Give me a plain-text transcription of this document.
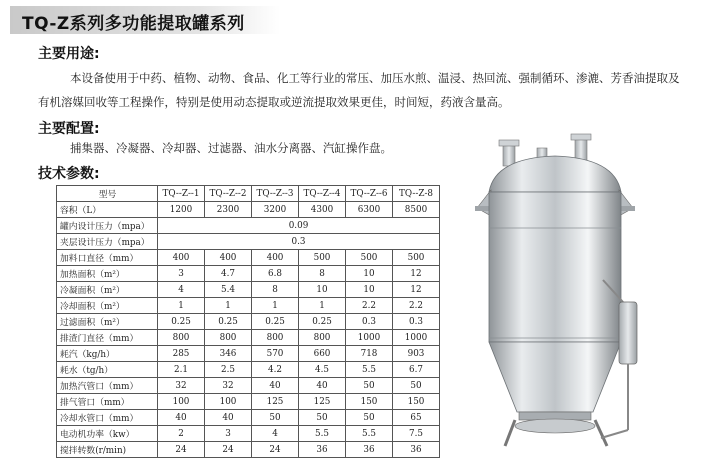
TQ-Z系列多功能提取罐系列
主要用途:
本设备使用于中药、植物、动物、食品、化工等行业的常压、加压水煎、温浸、热回流、强制循环、渗漉、芳香油提取及有机溶媒回收等工程操作，特别是使用动态提取或逆流提取效果更佳，时间短，药液含量高。
主要配置:
捕集器、冷凝器、冷却器、过滤器、油水分离器、汽缸操作盘。
技术参数:
型号	TQ--Z--1	TQ--Z--2	TQ--Z--3	TQ--Z--4	TQ--Z--6	TQ--Z-8
容积（L）	1200	2300	3200	4300	6300	8500
罐内设计压力（mpa）	0.09					
夹层设计压力（mpa）	0.3					
加料口直径（mm）	400	400	400	500	500	500
加热面积（m²）	3	4.7	6.8	8	10	12
冷凝面积（m²）	4	5.4	8	10	10	12
冷却面积（m²）	1	1	1	1	2.2	2.2
过滤面积（m²）	0.25	0.25	0.25	0.25	0.3	0.3
排渣门直径（mm）	800	800	800	800	1000	1000
耗汽（kg/h）	285	346	570	660	718	903
耗水（tg/h）	2.1	2.5	4.2	4.5	5.5	6.7
加热汽管口（mm）	32	32	40	40	50	50
排气管口（mm）	100	100	125	125	150	150
冷却水管口（mm）	40	40	50	50	50	65
电动机功率（kw）	2	3	4	5.5	5.5	7.5
搅拌转数(r/min)	24	24	24	36	36	36
